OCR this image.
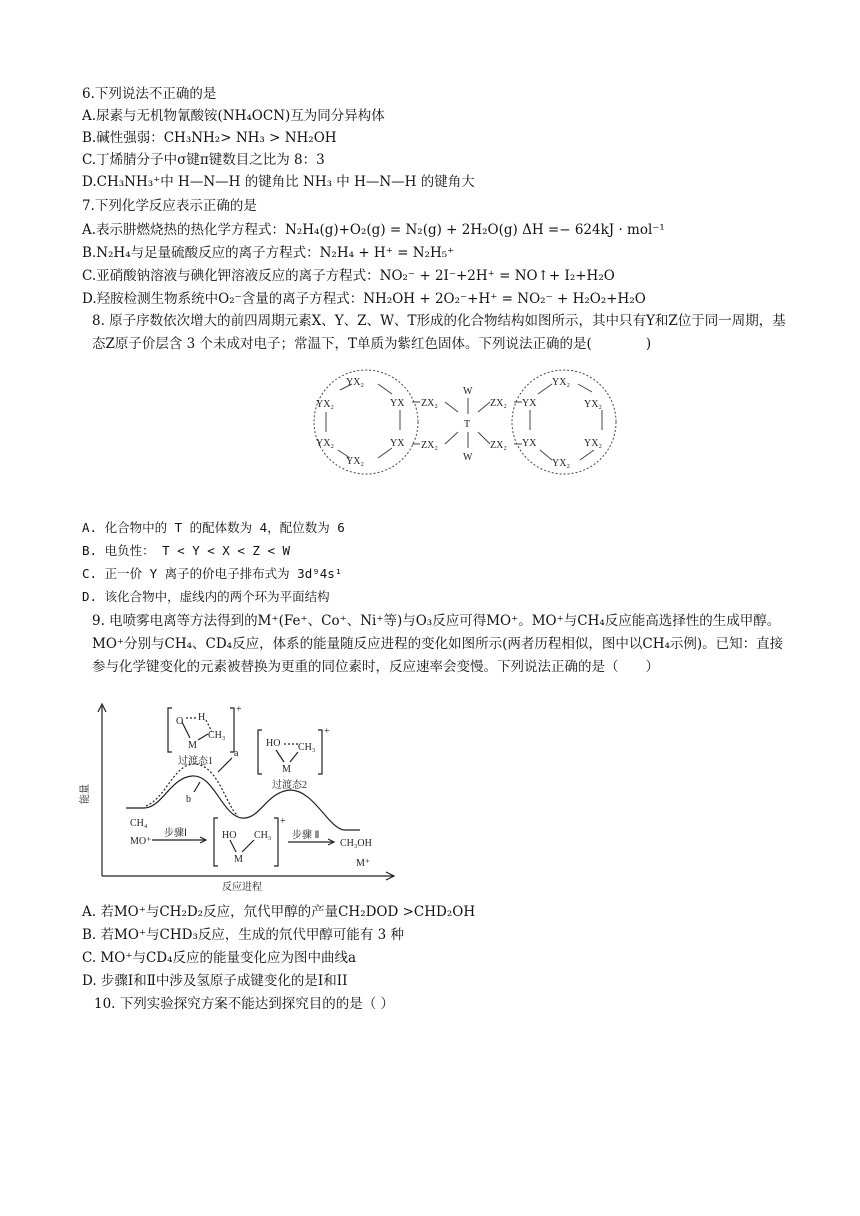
6.下列说法不正确的是
A.尿素与无机物氰酸铵(NH₄OCN)互为同分异构体
B.碱性强弱：CH₃NH₂> NH₃ > NH₂OH
C.丁烯腈分子中σ键π键数目之比为 8：3
D.CH₃NH₃⁺中 H—N—H 的键角比 NH₃ 中 H—N—H 的键角大
7.下列化学反应表示正确的是
A.表示肼燃烧热的热化学方程式：N₂H₄(g)+O₂(g) = N₂(g) + 2H₂O(g) ΔH =− 624kJ · mol⁻¹
B.N₂H₄与足量硫酸反应的离子方程式：N₂H₄ + H⁺ = N₂H₅⁺
C.亚硝酸钠溶液与碘化钾溶液反应的离子方程式：NO₂⁻ + 2I⁻+2H⁺ = NO↑+ I₂+H₂O
D.羟胺检测生物系统中O₂⁻含量的离子方程式：NH₂OH + 2O₂⁻+H⁺ = NO₂⁻ + H₂O₂+H₂O
8. 原子序数依次增大的前四周期元素X、Y、Z、W、T形成的化合物结构如图所示，其中只有Y和Z位于同一周期，基态Z原子价层含 3 个未成对电子；常温下，T单质为紫红色固体。下列说法正确的是(　　　　)
YX₂
YX₂
YX₂
YX₂
YX
YX
ZX₂
ZX₂
W
T
W
ZX₂
ZX₂
YX
YX
YX₂
YX₂
YX₂
YX₂
A. 化合物中的 T 的配体数为 4，配位数为 6
B. 电负性： T < Y < X < Z < W
C. 正一价 Y 离子的价电子排布式为 3d⁹4s¹
D. 该化合物中，虚线内的两个环为平面结构
9. 电喷雾电离等方法得到的M⁺(Fe⁺、Co⁺、Ni⁺等)与O₃反应可得MO⁺。MO⁺与CH₄反应能高选择性的生成甲醇。MO⁺分别与CH₄、CD₄反应，体系的能量随反应进程的变化如图所示(两者历程相似，图中以CH₄示例)。已知：直接参与化学键变化的元素被替换为更重的同位素时，反应速率会变慢。下列说法正确的是（　　）
能量
反应进程
O H
M
CH₃
+
过渡态1
HO CH₃
M
+
过渡态2
a
b
CH₄
MO⁺
步骤Ⅰ	HO
M
CH₃
+
步骤 Ⅱ
CH₃OH
M⁺
A. 若MO⁺与CH₂D₂反应，氘代甲醇的产量CH₂DOD >CHD₂OH
B. 若MO⁺与CHD₃反应，生成的氘代甲醇可能有 3 种
C. MO⁺与CD₄反应的能量变化应为图中曲线a
D. 步骤Ⅰ和Ⅱ中涉及氢原子成键变化的是I和II
10. 下列实验探究方案不能达到探究目的的是（ ）
